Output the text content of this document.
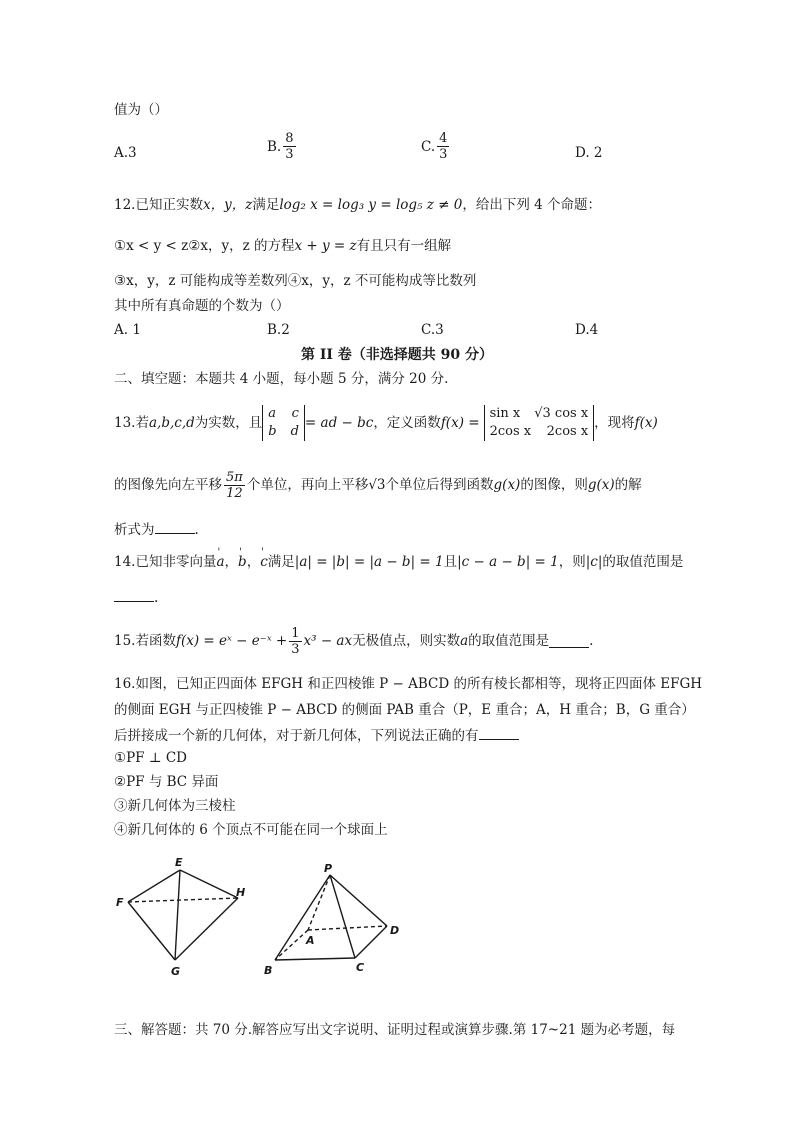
值为（）
A.3	B. $\frac{8}{3}$	C. $\frac{4}{3}$	D. 2
12.已知正实数x，y，z满足log₂ x = log₃ y = log₅ z ≠ 0，给出下列 4 个命题：
①x < y < z②x，y，z 的方程x + y = z有且只有一组解
③x，y，z 可能构成等差数列④x，y，z 不可能构成等比数列
其中所有真命题的个数为（）
A. 1	B.2	C.3	D.4
第 II 卷（非选择题共 90 分）
二、填空题：本题共 4 小题，每小题 5 分，满分 20 分.
13.若 a,b,c,d 为实数，且
a c
b d
= ad − bc ，定义函数 f(x) =
sin x √3 cos x
2cos x 2cos x
，现将 f(x)
的图像先向左平移 $\frac{5\pi}{12}$ 个单位，再向上平移 √3 个单位后得到函数 g(x) 的图像，则 g(x) 的解
析式为	.
14.已知非零向量' a，' b，' c满足|a| = |b| = |a − b| = 1且|c − a − b| = 1，则|c|的取值范围是
.
15.若函数 f(x) = eˣ − e⁻ˣ + $\frac{1}{3} x^3$ − ax 无极值点，则实数 a 的取值范围是	.
16.如图，已知正四面体 EFGH 和正四棱锥 P − ABCD 的所有棱长都相等，现将正四面体 EFGH
的侧面 EGH 与正四棱锥 P − ABCD 的侧面 PAB 重合（P，E 重合；A，H 重合；B，G 重合）
后拼接成一个新的几何体，对于新几何体，下列说法正确的有
①PF ⊥ CD
②PF 与 BC 异面
③新几何体为三棱柱
④新几何体的 6 个顶点不可能在同一个球面上
E
F
H
G
P
A
D
B	C
三、解答题：共 70 分.解答应写出文字说明、证明过程或演算步骤.第 17~21 题为必考题，每
